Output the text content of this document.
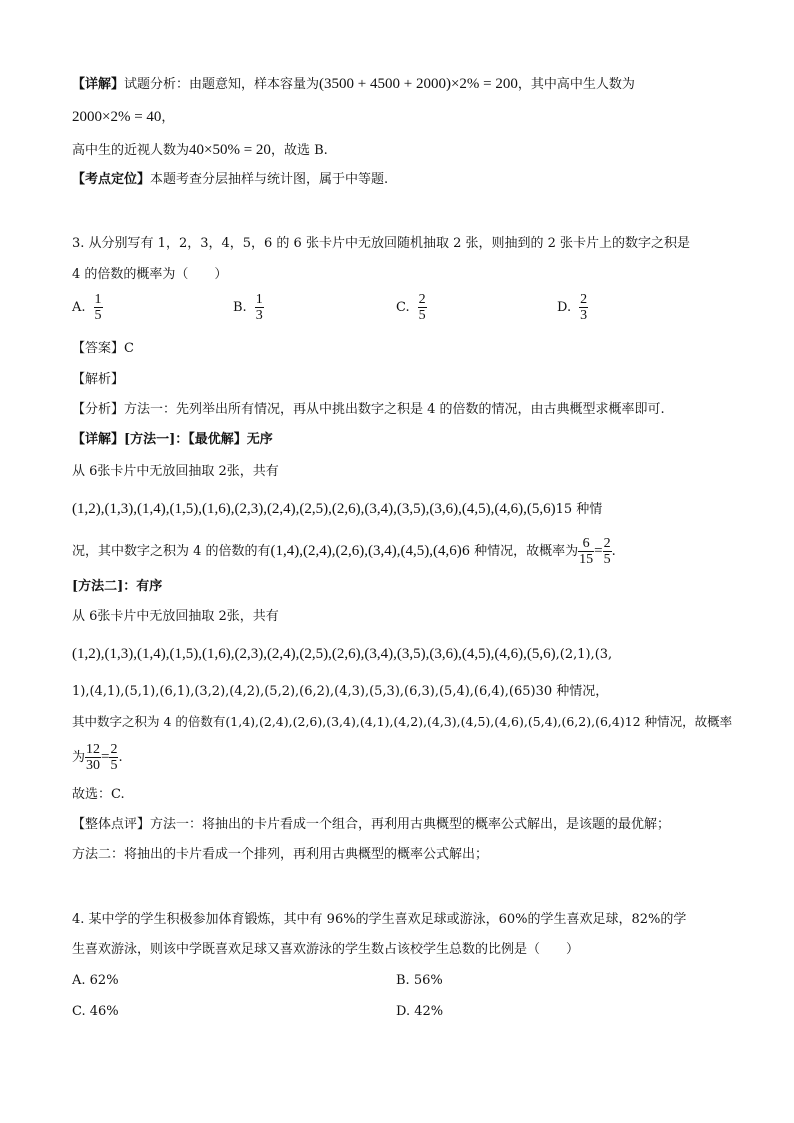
【详解】试题分析：由题意知，样本容量为(3500 + 4500 + 2000)×2% = 200，其中高中生人数为
2000×2% = 40，
高中生的近视人数为40×50% = 20，故选 B.
【考点定位】本题考查分层抽样与统计图，属于中等题.
3. 从分别写有 1，2，3，4，5，6 的 6 张卡片中无放回随机抽取 2 张，则抽到的 2 张卡片上的数字之积是
4 的倍数的概率为（　　）
A. $\frac{1}{5}$	B. $\frac{1}{3}$	C. $\frac{2}{5}$	D. $\frac{2}{3}$
【答案】C
【解析】
【分析】方法一：先列举出所有情况，再从中挑出数字之积是 4 的倍数的情况，由古典概型求概率即可.
【详解】[方法一]：【最优解】无序
从 6张卡片中无放回抽取 2张，共有
(1,2),(1,3),(1,4),(1,5),(1,6),(2,3),(2,4),(2,5),(2,6),(3,4),(3,5),(3,6),(4,5),(4,6),(5,6)15 种情
况，其中数字之积为 4 的倍数的有(1,4),(2,4),(2,6),(3,4),(4,5),(4,6)6 种情况，故概率为 $\frac{6}{15} = \frac{2}{5}$ .
[方法二]：有序
从 6张卡片中无放回抽取 2张，共有
(1,2),(1,3),(1,4),(1,5),(1,6),(2,3),(2,4),(2,5),(2,6),(3,4),(3,5),(3,6),(4,5),(4,6),(5,6),(2,1),(3,
1),(4,1),(5,1),(6,1),(3,2),(4,2),(5,2),(6,2),(4,3),(5,3),(6,3),(5,4),(6,4),(65)30 种情况，
其中数字之积为 4 的倍数有(1,4),(2,4),(2,6),(3,4),(4,1),(4,2),(4,3),(4,5),(4,6),(5,4),(6,2),(6,4)12 种情况，故概率
为 $\frac{12}{30} = \frac{2}{5}$ .
故选：C.
【整体点评】方法一：将抽出的卡片看成一个组合，再利用古典概型的概率公式解出，是该题的最优解；
方法二：将抽出的卡片看成一个排列，再利用古典概型的概率公式解出；
4. 某中学的学生积极参加体育锻炼，其中有 96%的学生喜欢足球或游泳，60%的学生喜欢足球，82%的学
生喜欢游泳，则该中学既喜欢足球又喜欢游泳的学生数占该校学生总数的比例是（　　）
A. 62%	B. 56%
C. 46%	D. 42%
